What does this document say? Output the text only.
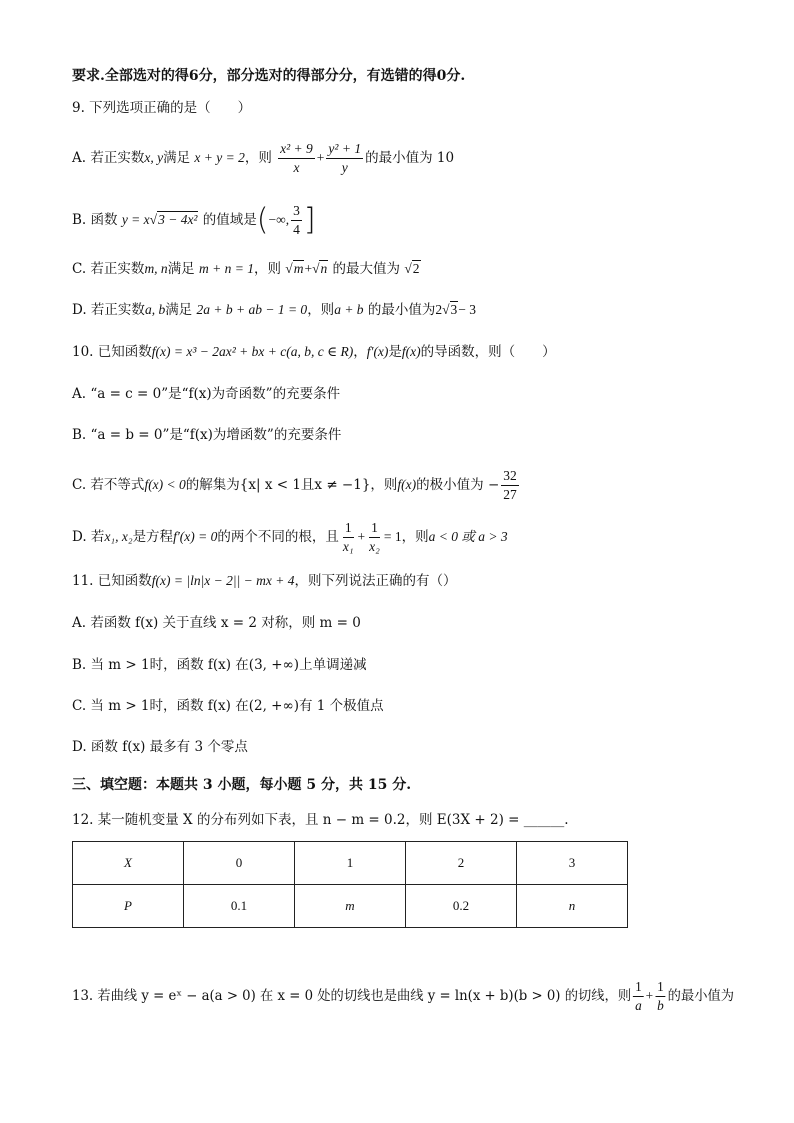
要求.全部选对的得6分，部分选对的得部分分，有选错的得0分.
9. 下列选项正确的是（　　）
A. 若正实数x, y满足 x + y = 2，则 $\frac{\text{x² + 9}}{x} + \frac{\text{y² + 1}}{y}$ 的最小值为 10
B. 函数 y = x√3 − 4x² 的值域是(−∞, $\frac{3}{4}$ ]
C. 若正实数m, n满足 m + n = 1，则 √m+√n 的最大值为 √2
D. 若正实数a, b满足 2a + b + ab − 1 = 0，则a + b 的最小值为2√3− 3
10. 已知函数f(x) = x³ − 2ax² + bx + c(a, b, c ∈ R)，f′(x)是f(x)的导函数，则（　　）
A. “a = c = 0”是“f(x)为奇函数”的充要条件
B. “a = b = 0”是“f(x)为增函数”的充要条件
C. 若不等式f(x) < 0的解集为{x| x < 1且x ≠ −1}，则f(x)的极小值为 − $\frac{32}{27}$
D. 若x₁, x₂是方程f′(x) = 0的两个不同的根，且 $\frac{1}{\text{x₁}} + \frac{1}{\text{x₂}} = 1$，则a < 0 或 a > 3
11. 已知函数f(x) = |ln|x − 2|| − mx + 4，则下列说法正确的有（）
A. 若函数 f(x) 关于直线 x = 2 对称，则 m = 0
B. 当 m > 1时，函数 f(x) 在(3, +∞)上单调递减
C. 当 m > 1时，函数 f(x) 在(2, +∞)有 1 个极值点
D. 函数 f(x) 最多有 3 个零点
三、填空题：本题共 3 小题，每小题 5 分，共 15 分.
12. 某一随机变量 X 的分布列如下表，且 n − m = 0.2，则 E(3X + 2) = ______.
X	0	1	2	3
P	0.1	m	0.2	n
13. 若曲线 y = eˣ − a(a > 0) 在 x = 0 处的切线也是曲线 y = ln(x + b)(b > 0) 的切线，则 $\frac{1}{a} + \frac{1}{b}$ 的最小值为
